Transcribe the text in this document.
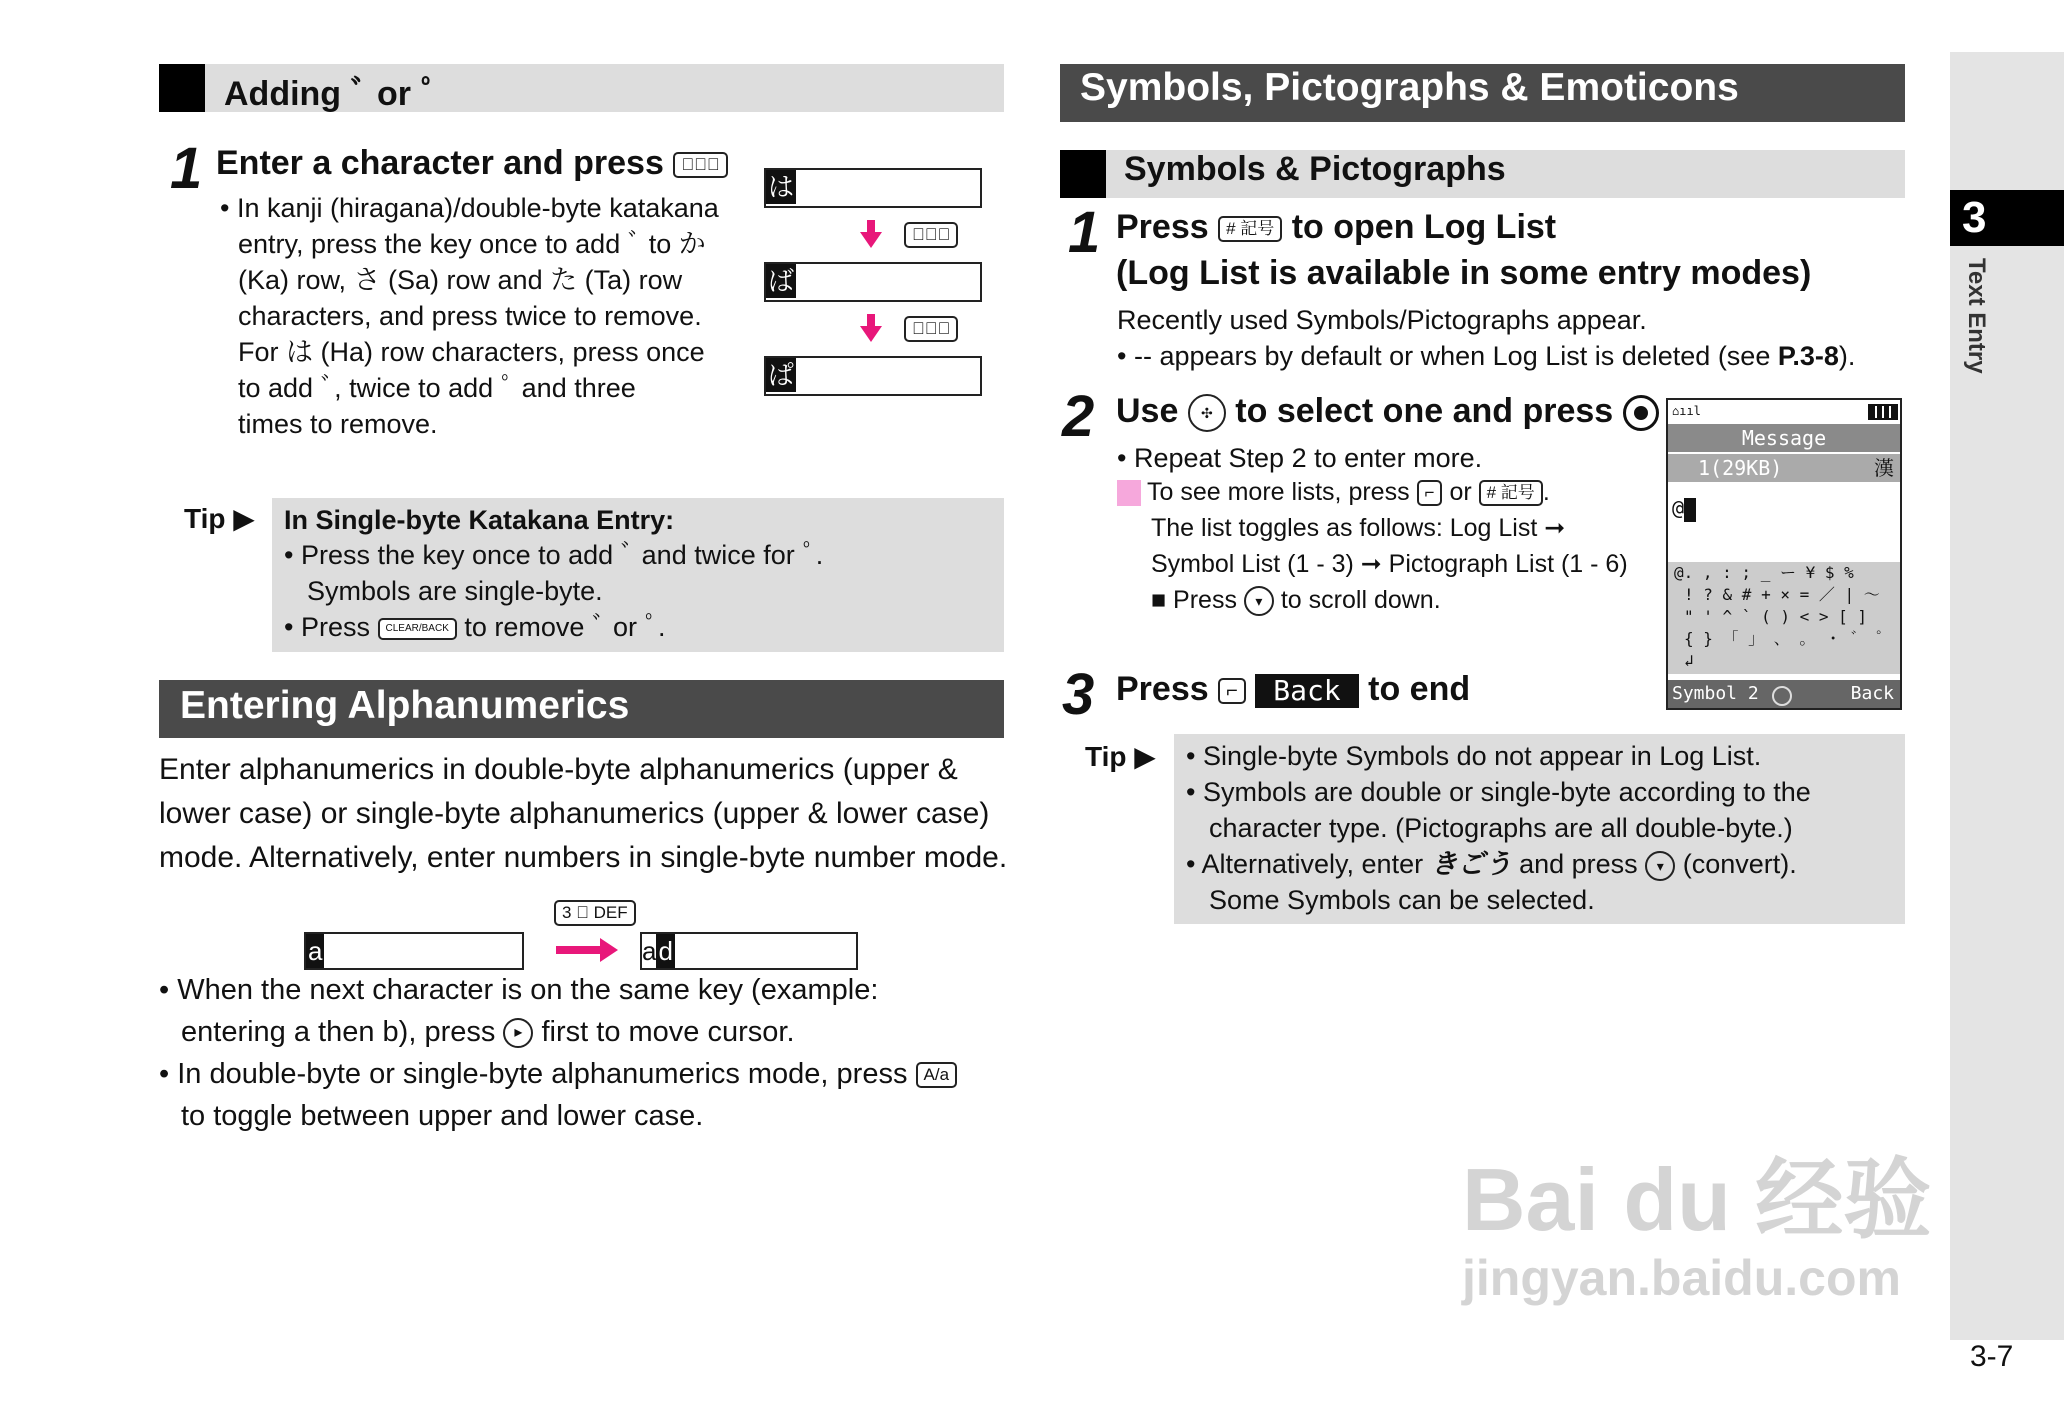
Adding ﾞ or ﾟ
1 Enter a character and press ✳ﾞﾟ
• In kanji (hiragana)/double-byte katakana
entry, press the key once to add ﾞ to か
(Ka) row, さ (Sa) row and た (Ta) row
characters, and press twice to remove.
For は (Ha) row characters, press once
to add ﾞ, twice to add ﾟ and three
times to remove.
は
✳ﾞﾟ
ば
✳ﾞﾟ
ぱ
Tip ▶ In Single-byte Katakana Entry:
• Press the key once to add ﾞ and twice for ﾟ.
Symbols are single-byte.
• Press CLEAR/BACK to remove ﾞ or ﾟ.
Entering Alphanumerics
Enter alphanumerics in double-byte alphanumerics (upper &
lower case) or single-byte alphanumerics (upper & lower case)
mode. Alternatively, enter numbers in single-byte number mode.
3 ﾞ DEF
a	ad
• When the next character is on the same key (example:
entering a then b), press ▸ first to move cursor.
• In double-byte or single-byte alphanumerics mode, press A/a
to toggle between upper and lower case.
Symbols, Pictographs & Emoticons
Symbols & Pictographs
1 Press # 記号 to open Log List
(Log List is available in some entry modes)
Recently used Symbols/Pictographs appear.
• -- appears by default or when Log List is deleted (see P.3-8).
2 Use ✣ to select one and press
• Repeat Step 2 to enter more.
To see more lists, press ⌐ or # 記号 .
The list toggles as follows: Log List ➞
Symbol List (1 - 3) ➞ Pictograph List (1 - 6)
■ Press ▾ to scroll down.
⌂ııl
Message
1(29KB)	漢
@
@. , : ; _ ー ¥ $ %
! ? & # + × = ／ | ～
" ' ^ ` ( ) < > [ ]
{ } 「 」 、 。 ・ ゛ ゜
↲
Symbol 2	Back
3 Press ⌐ Back to end
Tip ▶ • Single-byte Symbols do not appear in Log List.
• Symbols are double or single-byte according to the
character type. (Pictographs are all double-byte.)
• Alternatively, enter きごう and press ▾ (convert).
Some Symbols can be selected.
3
Text Entry
Bai du 经验
jingyan.baidu.com
3-7
